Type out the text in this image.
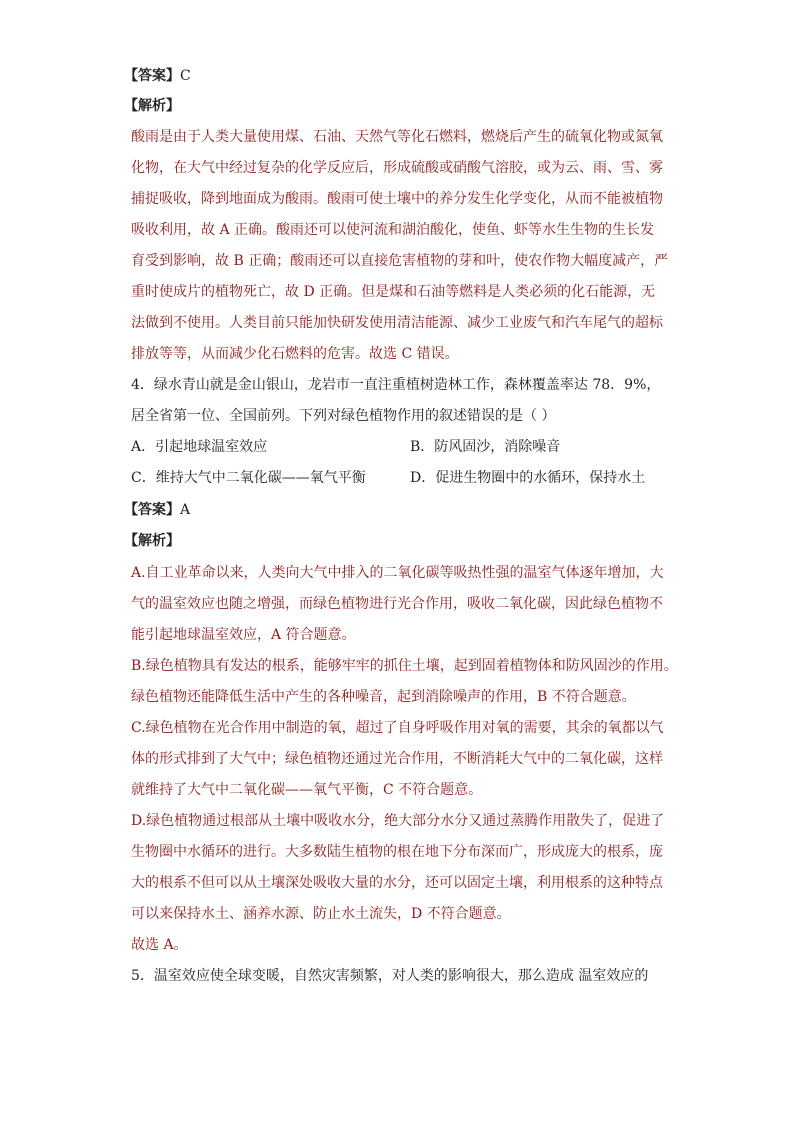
【答案】C
【解析】
酸雨是由于人类大量使用煤、石油、天然气等化石燃料，燃烧后产生的硫氧化物或氮氧
化物，在大气中经过复杂的化学反应后，形成硫酸或硝酸气溶胶，或为云、雨、雪、雾
捕捉吸收，降到地面成为酸雨。酸雨可使土壤中的养分发生化学变化，从而不能被植物
吸收利用，故 A 正确。酸雨还可以使河流和湖泊酸化，使鱼、虾等水生生物的生长发
育受到影响，故 B 正确；酸雨还可以直接危害植物的芽和叶，使农作物大幅度减产，严
重时使成片的植物死亡，故 D 正确。但是煤和石油等燃料是人类必须的化石能源，无
法做到不使用。人类目前只能加快研发使用清洁能源、减少工业废气和汽车尾气的超标
排放等等，从而减少化石燃料的危害。故选 C 错误。
4．绿水青山就是金山银山，龙岩市一直注重植树造林工作，森林覆盖率达 78．9%，
居全省第一位、全国前列。下列对绿色植物作用的叙述错误的是（ ）
A．引起地球温室效应	B．防风固沙，消除噪音
C．维持大气中二氧化碳——氧气平衡	D．促进生物圈中的水循环，保持水土
【答案】A
【解析】
A.自工业革命以来，人类向大气中排入的二氧化碳等吸热性强的温室气体逐年增加，大
气的温室效应也随之增强，而绿色植物进行光合作用，吸收二氧化碳，因此绿色植物不
能引起地球温室效应，A 符合题意。
B.绿色植物具有发达的根系，能够牢牢的抓住土壤，起到固着植物体和防风固沙的作用。
绿色植物还能降低生活中产生的各种噪音，起到消除噪声的作用，B 不符合题意。
C.绿色植物在光合作用中制造的氧，超过了自身呼吸作用对氧的需要，其余的氧都以气
体的形式排到了大气中；绿色植物还通过光合作用，不断消耗大气中的二氧化碳，这样
就维持了大气中二氧化碳——氧气平衡，C 不符合题意。
D.绿色植物通过根部从土壤中吸收水分，绝大部分水分又通过蒸腾作用散失了，促进了
生物圈中水循环的进行。大多数陆生植物的根在地下分布深而广，形成庞大的根系，庞
大的根系不但可以从土壤深处吸收大量的水分，还可以固定土壤，利用根系的这种特点
可以来保持水土、涵养水源、防止水土流失，D 不符合题意。
故选 A。
5．温室效应使全球变暖，自然灾害频繁，对人类的影响很大，那么造成 温室效应的
